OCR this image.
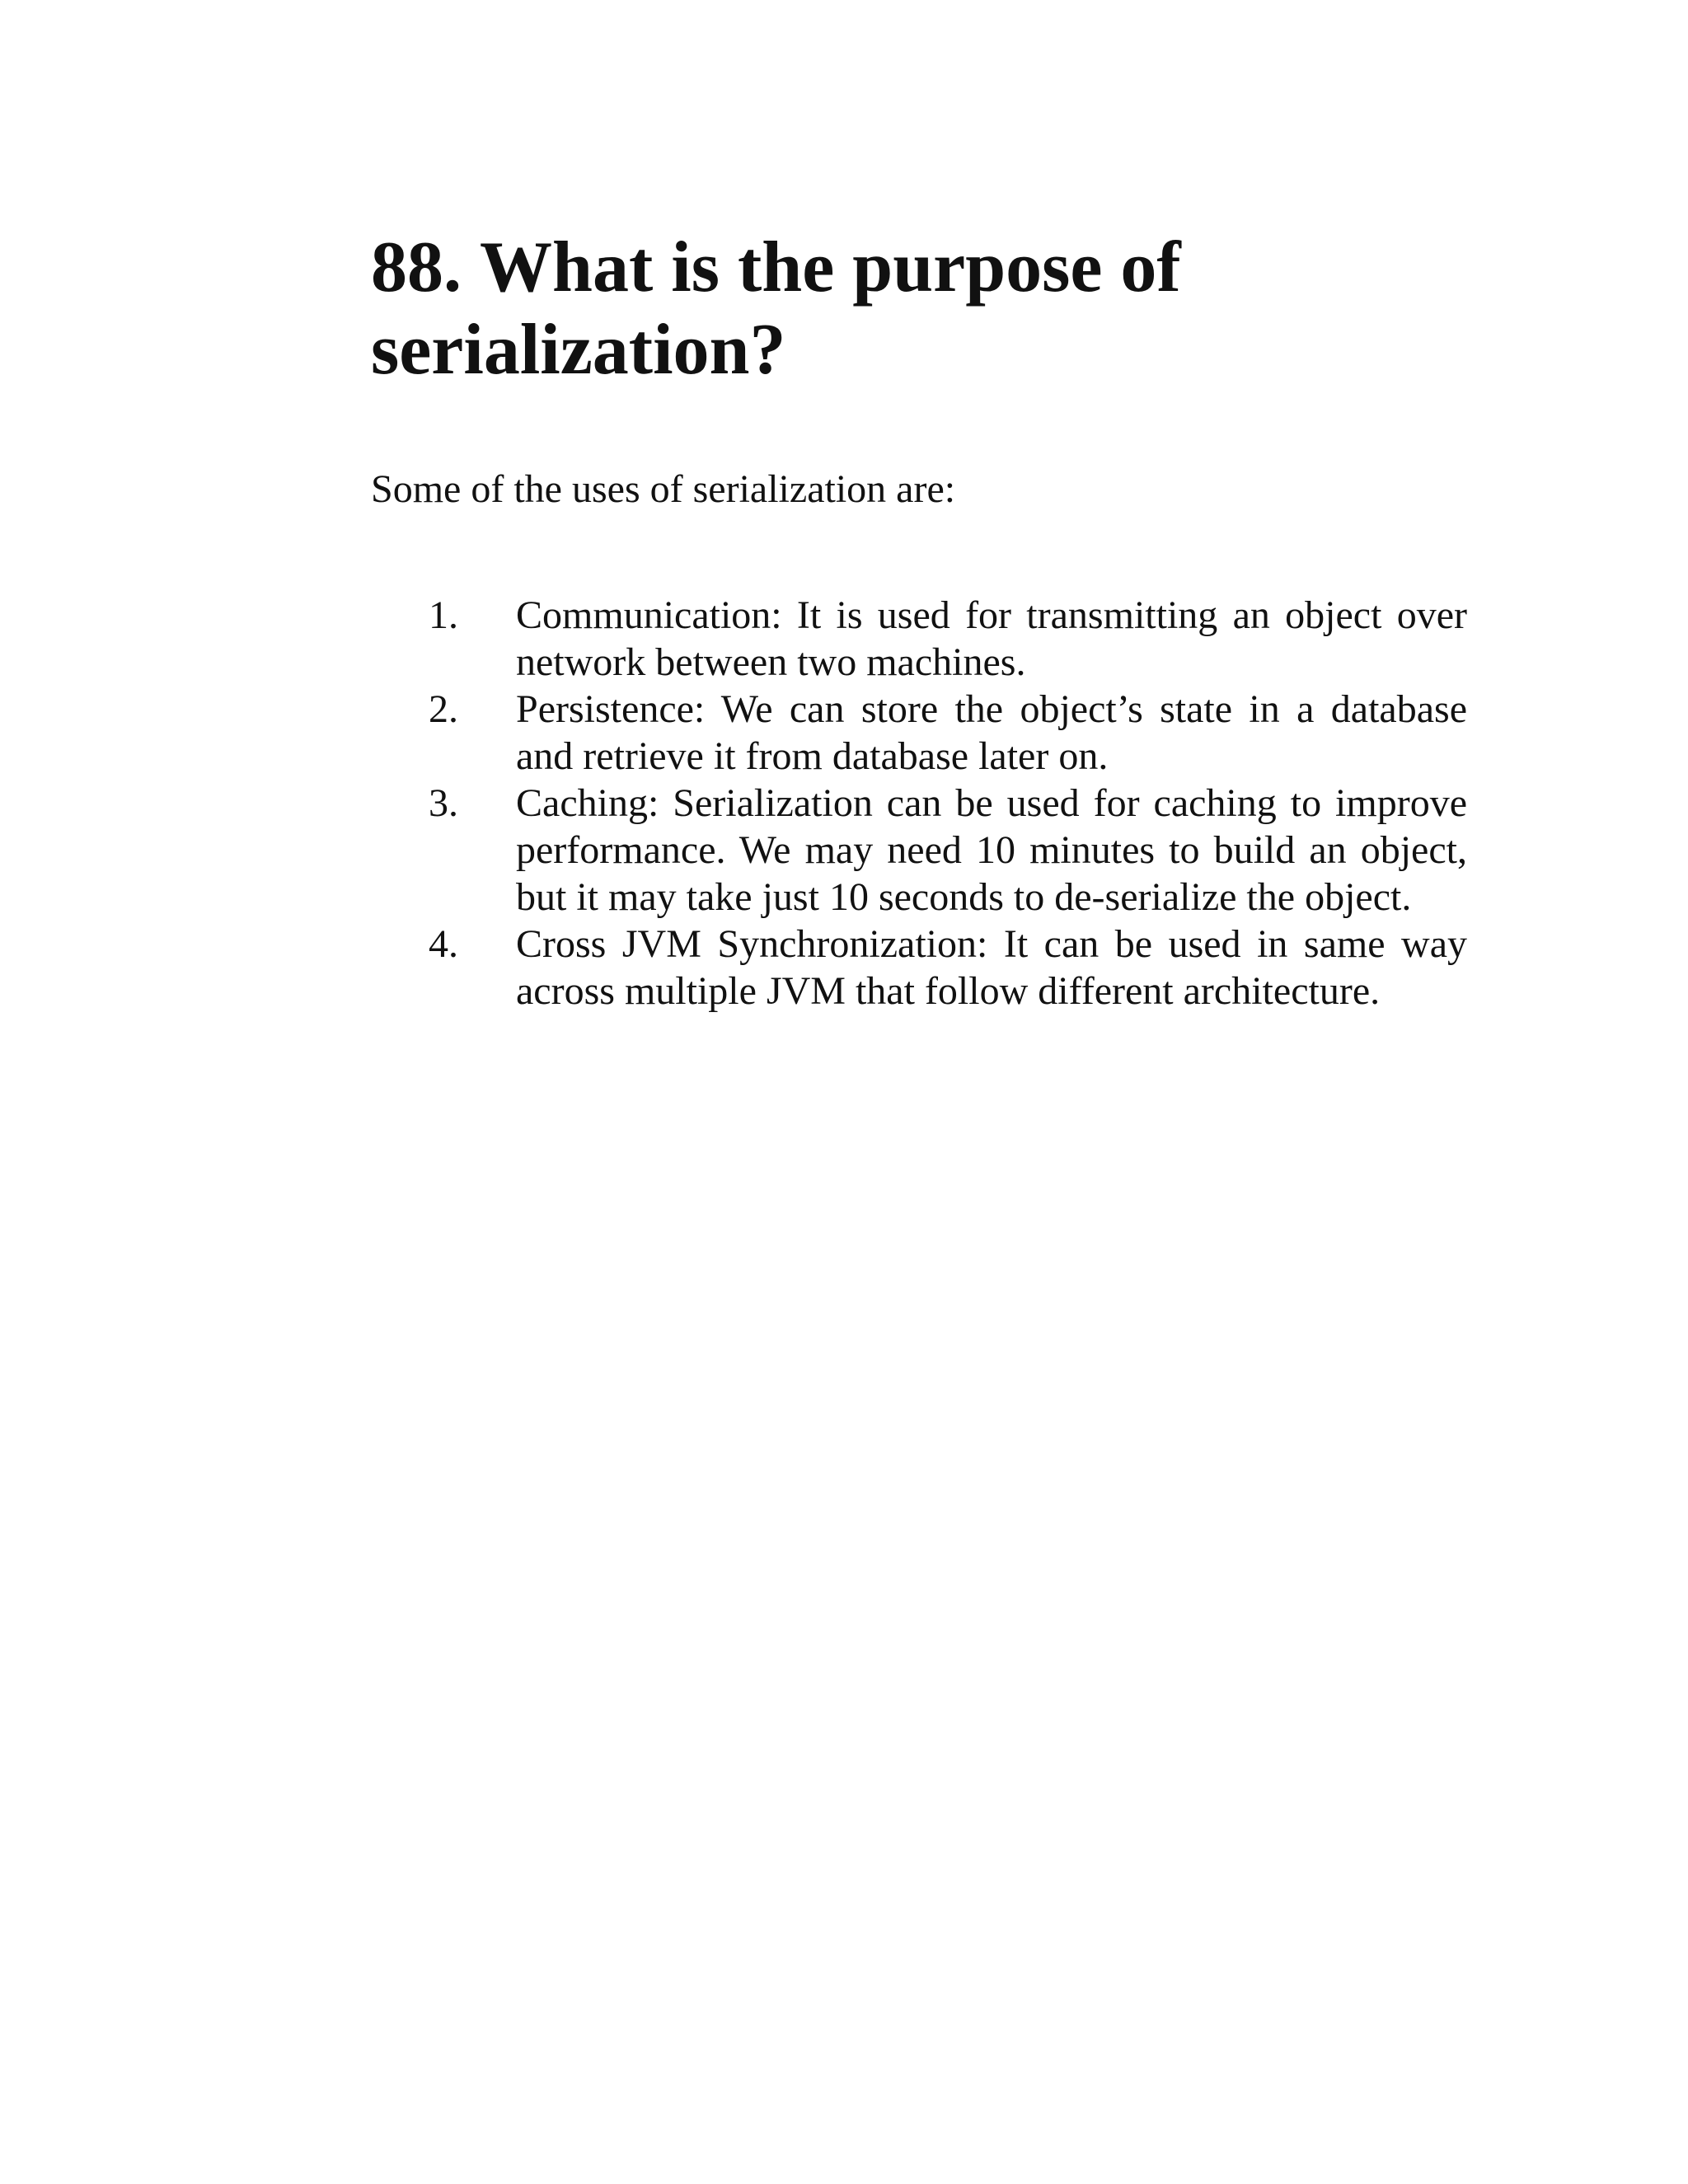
88. What is the purpose of serialization?

Some of the uses of serialization are:

1. Communication: It is used for transmitting an object over network between two machines.
2. Persistence: We can store the object’s state in a database and retrieve it from database later on.
3. Caching: Serialization can be used for caching to improve performance. We may need 10 minutes to build an object, but it may take just 10 seconds to de-serialize the object.
4. Cross JVM Synchronization: It can be used in same way across multiple JVM that follow different architecture.
